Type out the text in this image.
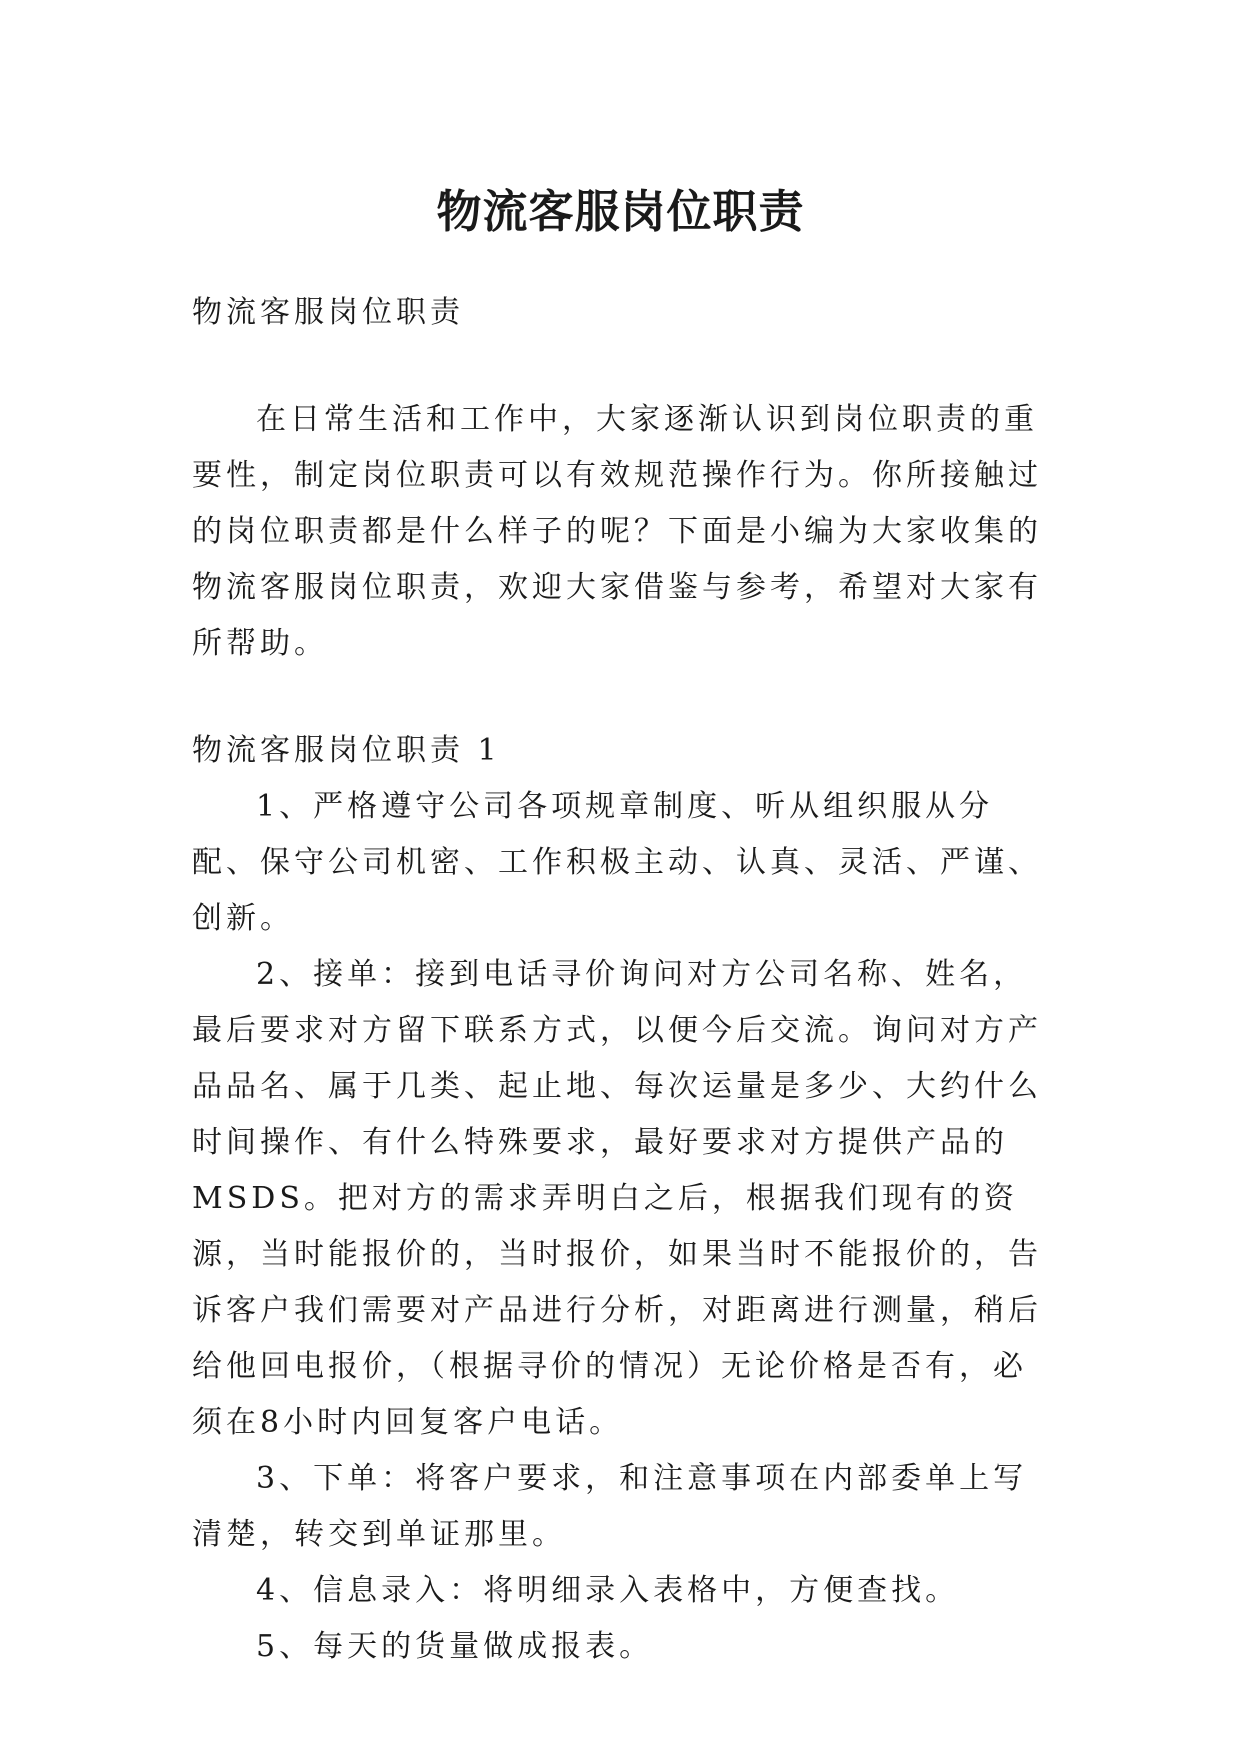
物流客服岗位职责

物流客服岗位职责

在日常生活和工作中，大家逐渐认识到岗位职责的重要性，制定岗位职责可以有效规范操作行为。你所接触过的岗位职责都是什么样子的呢？下面是小编为大家收集的物流客服岗位职责，欢迎大家借鉴与参考，希望对大家有所帮助。

物流客服岗位职责 1

1、严格遵守公司各项规章制度、听从组织服从分配、保守公司机密、工作积极主动、认真、灵活、严谨、创新。

2、接单：接到电话寻价询问对方公司名称、姓名，最后要求对方留下联系方式，以便今后交流。询问对方产品品名、属于几类、起止地、每次运量是多少、大约什么时间操作、有什么特殊要求，最好要求对方提供产品的MSDS。把对方的需求弄明白之后，根据我们现有的资源，当时能报价的，当时报价，如果当时不能报价的，告诉客户我们需要对产品进行分析，对距离进行测量，稍后给他回电报价，（根据寻价的情况）无论价格是否有，必须在8小时内回复客户电话。

3、下单：将客户要求，和注意事项在内部委单上写清楚，转交到单证那里。

4、信息录入：将明细录入表格中，方便查找。

5、每天的货量做成报表。
